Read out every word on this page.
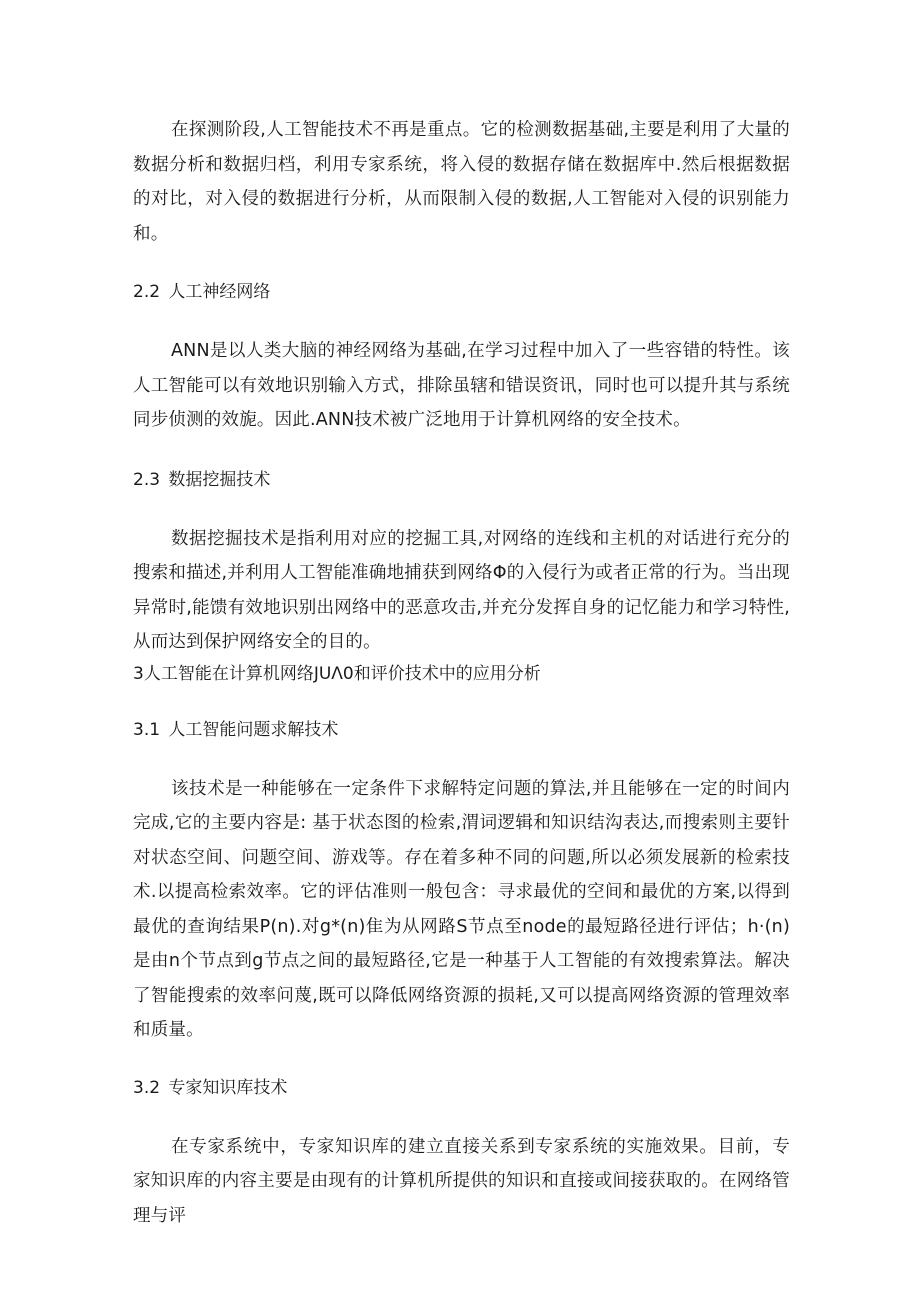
在探测阶段,人工智能技术不再是重点。它的检测数据基础,主要是利用了大量的数据分析和数据归档，利用专家系统，将入侵的数据存储在数据库中.然后根据数据的对比，对入侵的数据进行分析，从而限制入侵的数据,人工智能对入侵的识别能力和。

2.2 人工神经网络

ANN是以人类大脑的神经网络为基础,在学习过程中加入了一些容错的特性。该人工智能可以有效地识别输入方式，排除虽辖和错误资讯，同时也可以提升其与系统同步侦测的效旎。因此.ANN技术被广泛地用于计算机网络的安全技术。

2.3 数据挖掘技术

数据挖掘技术是指利用对应的挖掘工具,对网络的连线和主机的对话进行充分的搜索和描述,并利用人工智能准确地捕获到网络Φ的入侵行为或者正常的行为。当出现异常时,能馈有效地识别出网络中的恶意攻击,并充分发挥自身的记忆能力和学习特性,从而达到保护网络安全的目的。

3人工智能在计算机网络JUΛ0和评价技术中的应用分析
3.1 人工智能问题求解技术

该技术是一种能够在一定条件下求解特定问题的算法,并且能够在一定的时间内完成,它的主要内容是: 基于状态图的检索,渭词逻辑和知识结沟表达,而搜索则主要针对状态空间、问题空间、游戏等。存在着多种不同的问题,所以必须发展新的检索技术.以提高检索效率。它的评估准则一般包含：寻求最优的空间和最优的方案,以得到最优的查询结果P(n).对g*(n)隹为从网路S节点至node的最短路径进行评估；h·(n)是由n个节点到g节点之间的最短路径,它是一种基于人工智能的有效搜索算法。解决了智能搜索的效率问蔑,既可以降低网络资源的损耗,又可以提高网络资源的管理效率和质量。

3.2 专家知识库技术

在专家系统中，专家知识库的建立直接关系到专家系统的实施效果。目前，专家知识库的内容主要是由现有的计算机所提供的知识和直接或间接获取的。在网络管理与评
